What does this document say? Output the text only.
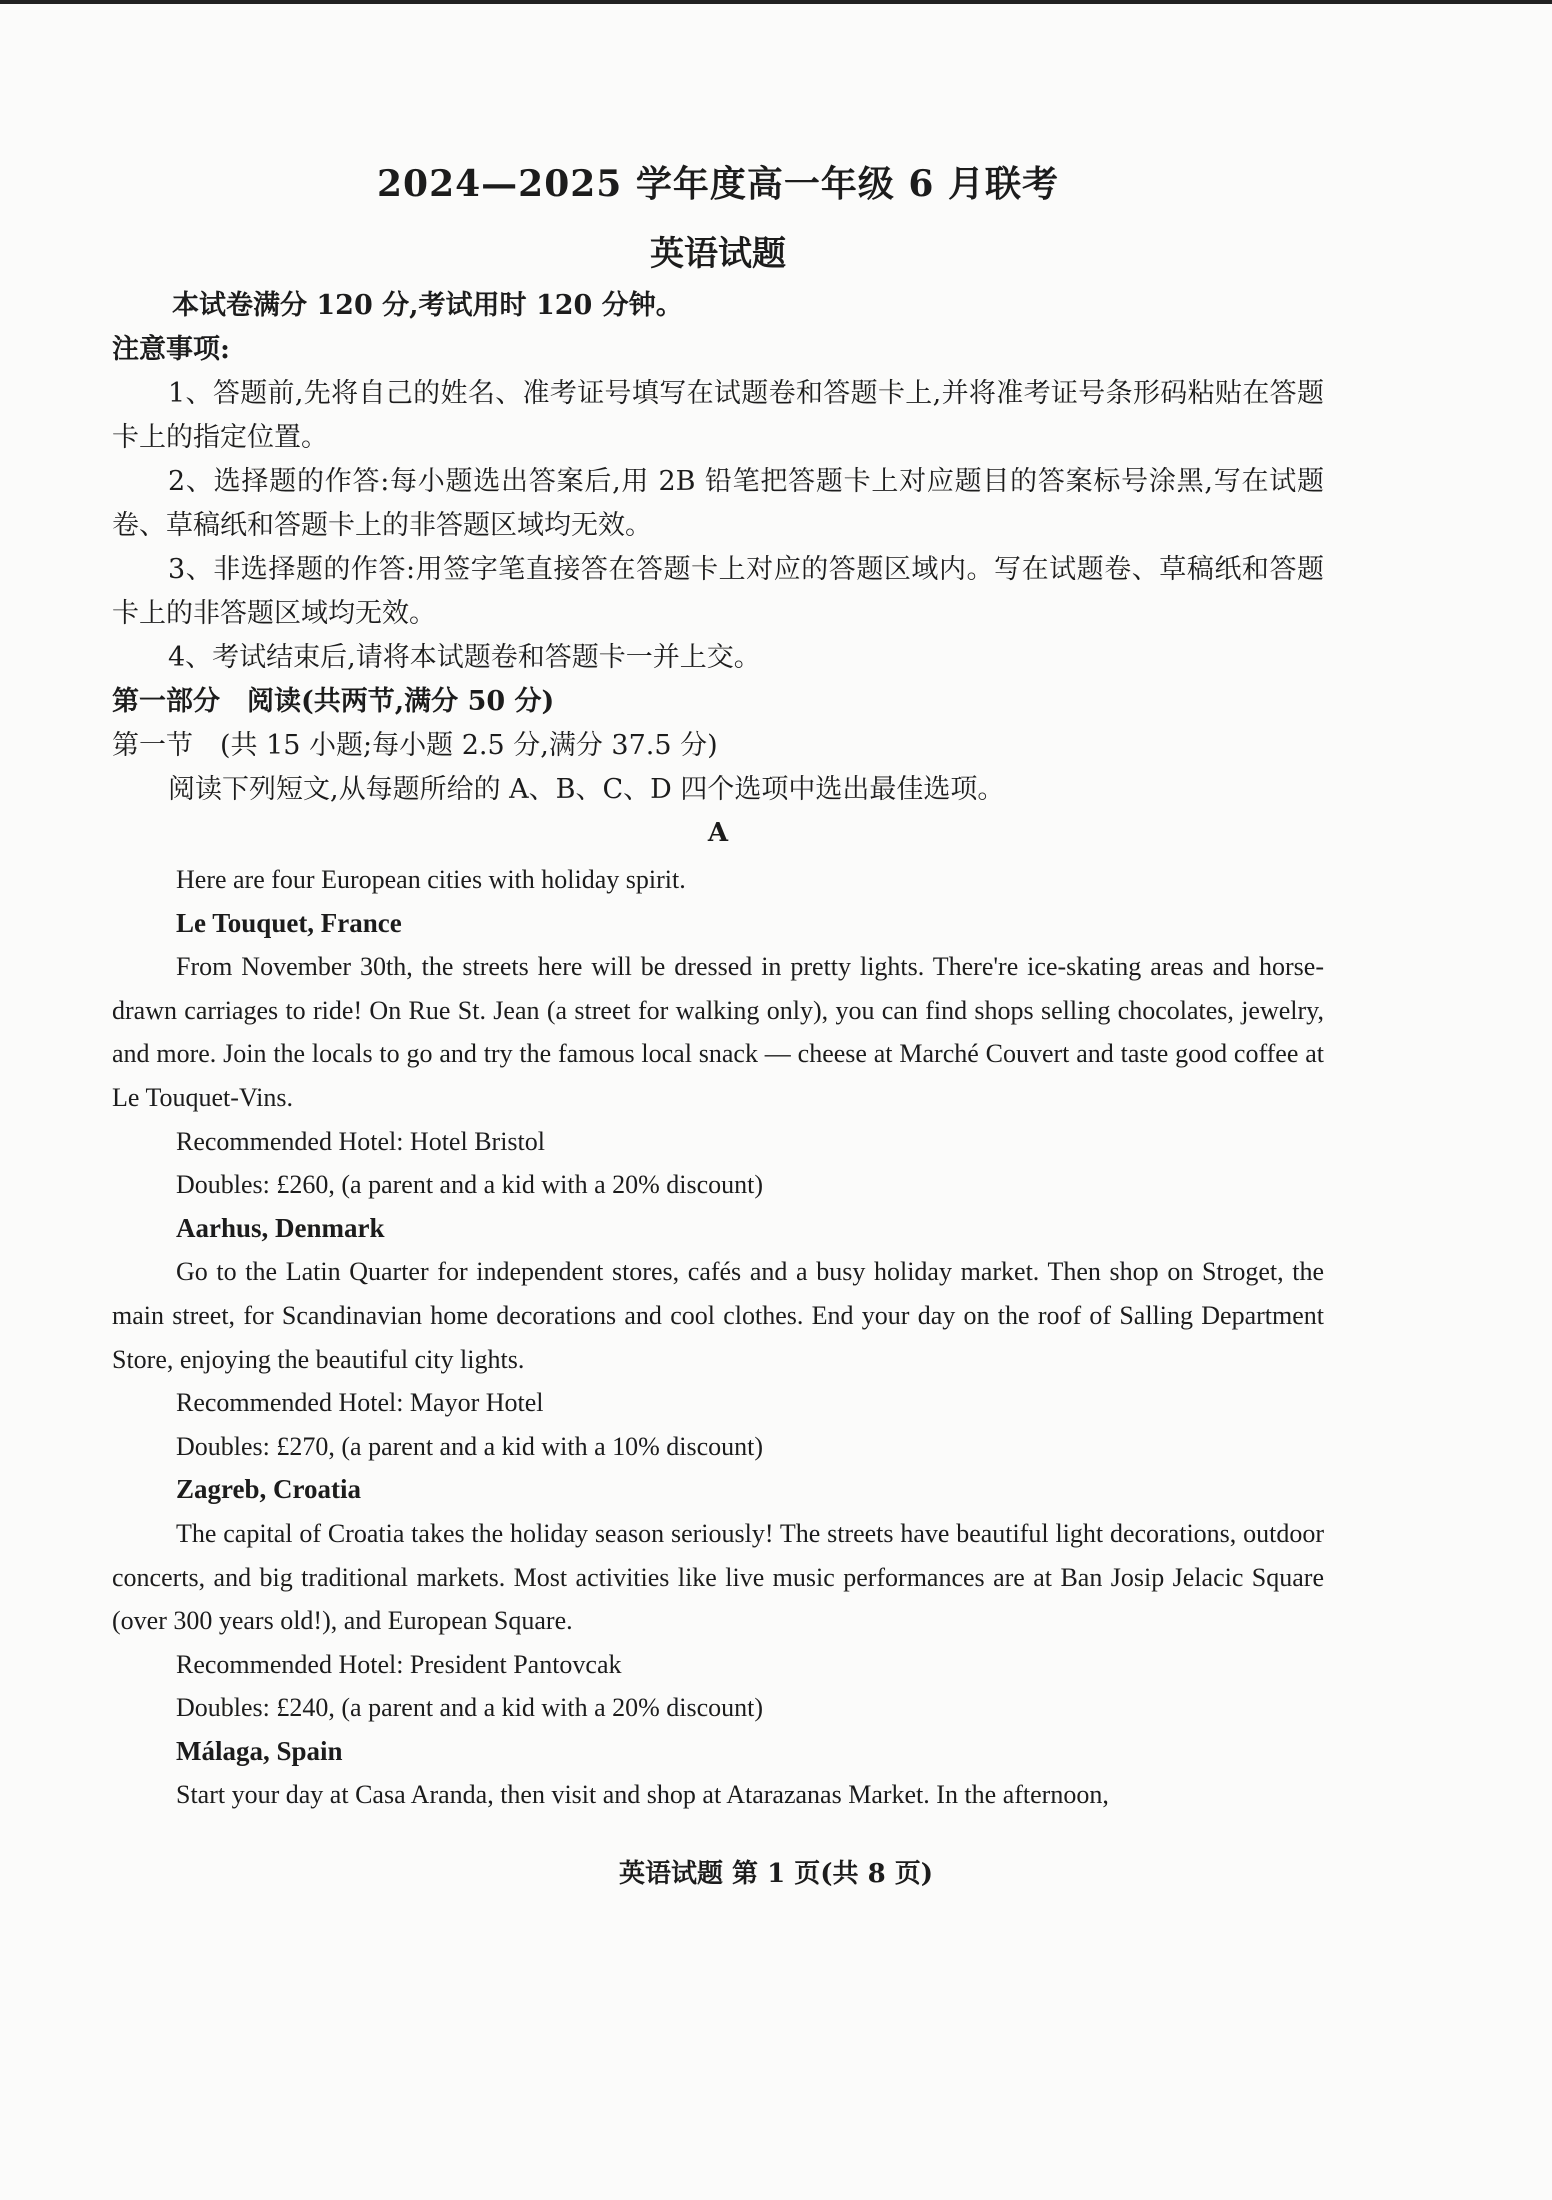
2024—2025 学年度高一年级 6 月联考
英语试题
本试卷满分 120 分,考试用时 120 分钟。
注意事项:
1、答题前,先将自己的姓名、准考证号填写在试题卷和答题卡上,并将准考证号条形码粘贴在答题卡上的指定位置。
2、选择题的作答:每小题选出答案后,用 2B 铅笔把答题卡上对应题目的答案标号涂黑,写在试题卷、草稿纸和答题卡上的非答题区域均无效。
3、非选择题的作答:用签字笔直接答在答题卡上对应的答题区域内。写在试题卷、草稿纸和答题卡上的非答题区域均无效。
4、考试结束后,请将本试题卷和答题卡一并上交。
第一部分　阅读(共两节,满分 50 分)
第一节　(共 15 小题;每小题 2.5 分,满分 37.5 分)
阅读下列短文,从每题所给的 A、B、C、D 四个选项中选出最佳选项。
A
Here are four European cities with holiday spirit.
Le Touquet, France
From November 30th, the streets here will be dressed in pretty lights. There're ice-skating areas and horse-drawn carriages to ride! On Rue St. Jean (a street for walking only), you can find shops selling chocolates, jewelry, and more. Join the locals to go and try the famous local snack — cheese at Marché Couvert and taste good coffee at Le Touquet-Vins.
Recommended Hotel: Hotel Bristol
Doubles: £260, (a parent and a kid with a 20% discount)
Aarhus, Denmark
Go to the Latin Quarter for independent stores, cafés and a busy holiday market. Then shop on Stroget, the main street, for Scandinavian home decorations and cool clothes. End your day on the roof of Salling Department Store, enjoying the beautiful city lights.
Recommended Hotel: Mayor Hotel
Doubles: £270, (a parent and a kid with a 10% discount)
Zagreb, Croatia
The capital of Croatia takes the holiday season seriously! The streets have beautiful light decorations, outdoor concerts, and big traditional markets. Most activities like live music performances are at Ban Josip Jelacic Square (over 300 years old!), and European Square.
Recommended Hotel: President Pantovcak
Doubles: £240, (a parent and a kid with a 20% discount)
Málaga, Spain
Start your day at Casa Aranda, then visit and shop at Atarazanas Market. In the afternoon,
英语试题 第 1 页(共 8 页)
